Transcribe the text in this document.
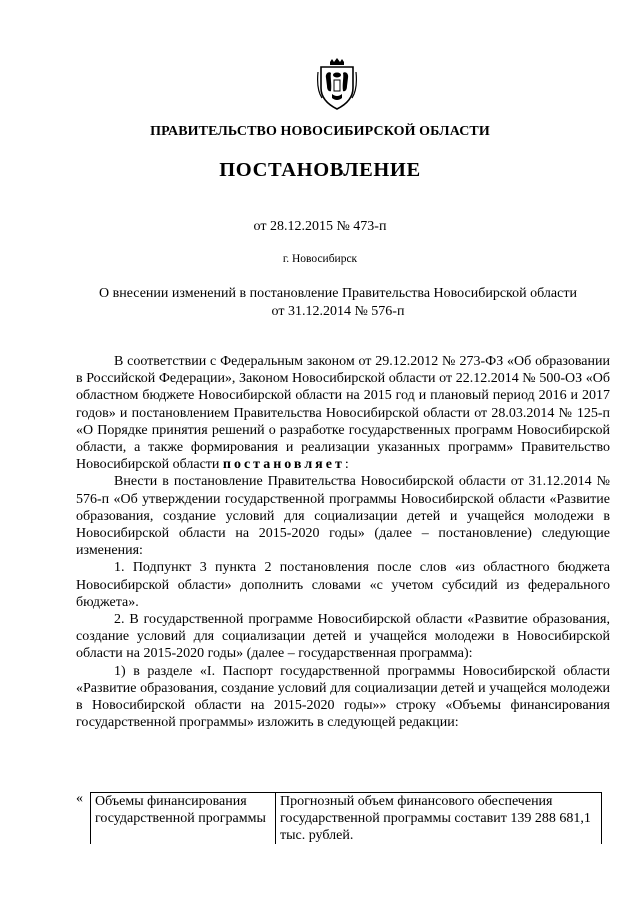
ПРАВИТЕЛЬСТВО НОВОСИБИРСКОЙ ОБЛАСТИ
ПОСТАНОВЛЕНИЕ
от 28.12.2015 № 473-п
г. Новосибирск
О внесении изменений в постановление Правительства Новосибирской области
от 31.12.2014 № 576-п

В соответствии с Федеральным законом от 29.12.2012 № 273-ФЗ «Об образовании в Российской Федерации», Законом Новосибирской области от 22.12.2014 № 500-ОЗ «Об областном бюджете Новосибирской области на 2015 год и плановый период 2016 и 2017 годов» и постановлением Правительства Новосибирской области от 28.03.2014 № 125-п «О Порядке принятия решений о разработке государственных программ Новосибирской области, а также формирования и реализации указанных программ» Правительство Новосибирской области постановляет:

Внести в постановление Правительства Новосибирской области от 31.12.2014 № 576-п «Об утверждении государственной программы Новосибирской области «Развитие образования, создание условий для социализации детей и учащейся молодежи в Новосибирской области на 2015-2020 годы» (далее – постановление) следующие изменения:

1. Подпункт 3 пункта 2 постановления после слов «из областного бюджета Новосибирской области» дополнить словами «с учетом субсидий из федерального бюджета».

2. В государственной программе Новосибирской области «Развитие образования, создание условий для социализации детей и учащейся молодежи в Новосибирской области на 2015-2020 годы» (далее – государственная программа):

1) в разделе «I. Паспорт государственной программы Новосибирской области «Развитие образования, создание условий для социализации детей и учащейся молодежи в Новосибирской области на 2015-2020 годы»» строку «Объемы финансирования государственной программы» изложить в следующей редакции:

« Объемы финансирования государственной программы	Прогнозный объем финансового обеспечения государственной программы составит 139 288 681,1 тыс. рублей.
